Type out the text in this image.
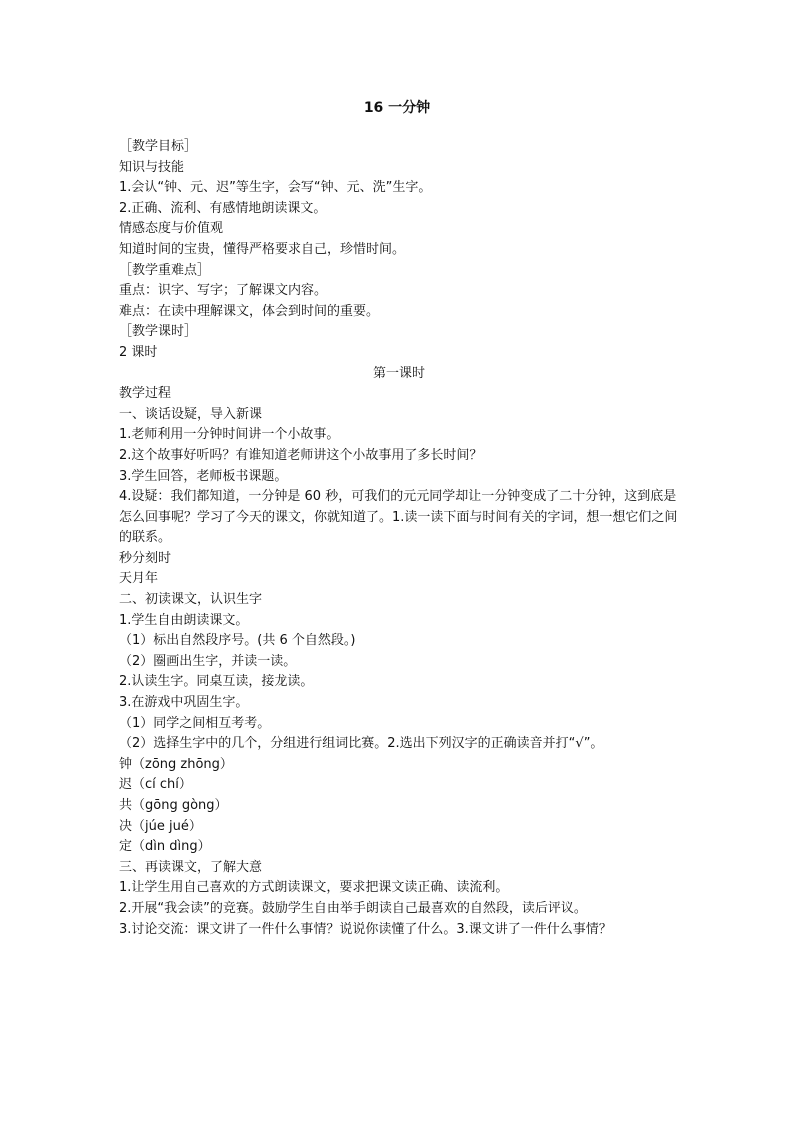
16 一分钟
［教学目标］
知识与技能
1.会认“钟、元、迟”等生字，会写“钟、元、洗”生字。
2.正确、流利、有感情地朗读课文。
情感态度与价值观
知道时间的宝贵，懂得严格要求自己，珍惜时间。
［教学重难点］
重点：识字、写字；了解课文内容。
难点：在读中理解课文，体会到时间的重要。
［教学课时］
2 课时
第一课时
教学过程
一、谈话设疑，导入新课
1.老师利用一分钟时间讲一个小故事。
2.这个故事好听吗？有谁知道老师讲这个小故事用了多长时间？
3.学生回答，老师板书课题。
4.设疑：我们都知道，一分钟是 60 秒，可我们的元元同学却让一分钟变成了二十分钟，这到底是怎么回事呢？学习了今天的课文，你就知道了。1.读一读下面与时间有关的字词，想一想它们之间的联系。
秒分刻时
天月年
二、初读课文，认识生字
1.学生自由朗读课文。
（1）标出自然段序号。(共 6 个自然段。)
（2）圈画出生字，并读一读。
2.认读生字。同桌互读，接龙读。
3.在游戏中巩固生字。
（1）同学之间相互考考。
（2）选择生字中的几个，分组进行组词比赛。2.选出下列汉字的正确读音并打“√”。
钟（zōng zhōng）
迟（cí chí）
共（gōng gòng）
决（júe jué）
定（dìn dìng）
三、再读课文，了解大意
1.让学生用自己喜欢的方式朗读课文，要求把课文读正确、读流利。
2.开展“我会读”的竞赛。鼓励学生自由举手朗读自己最喜欢的自然段，读后评议。
3.讨论交流：课文讲了一件什么事情？说说你读懂了什么。3.课文讲了一件什么事情？
